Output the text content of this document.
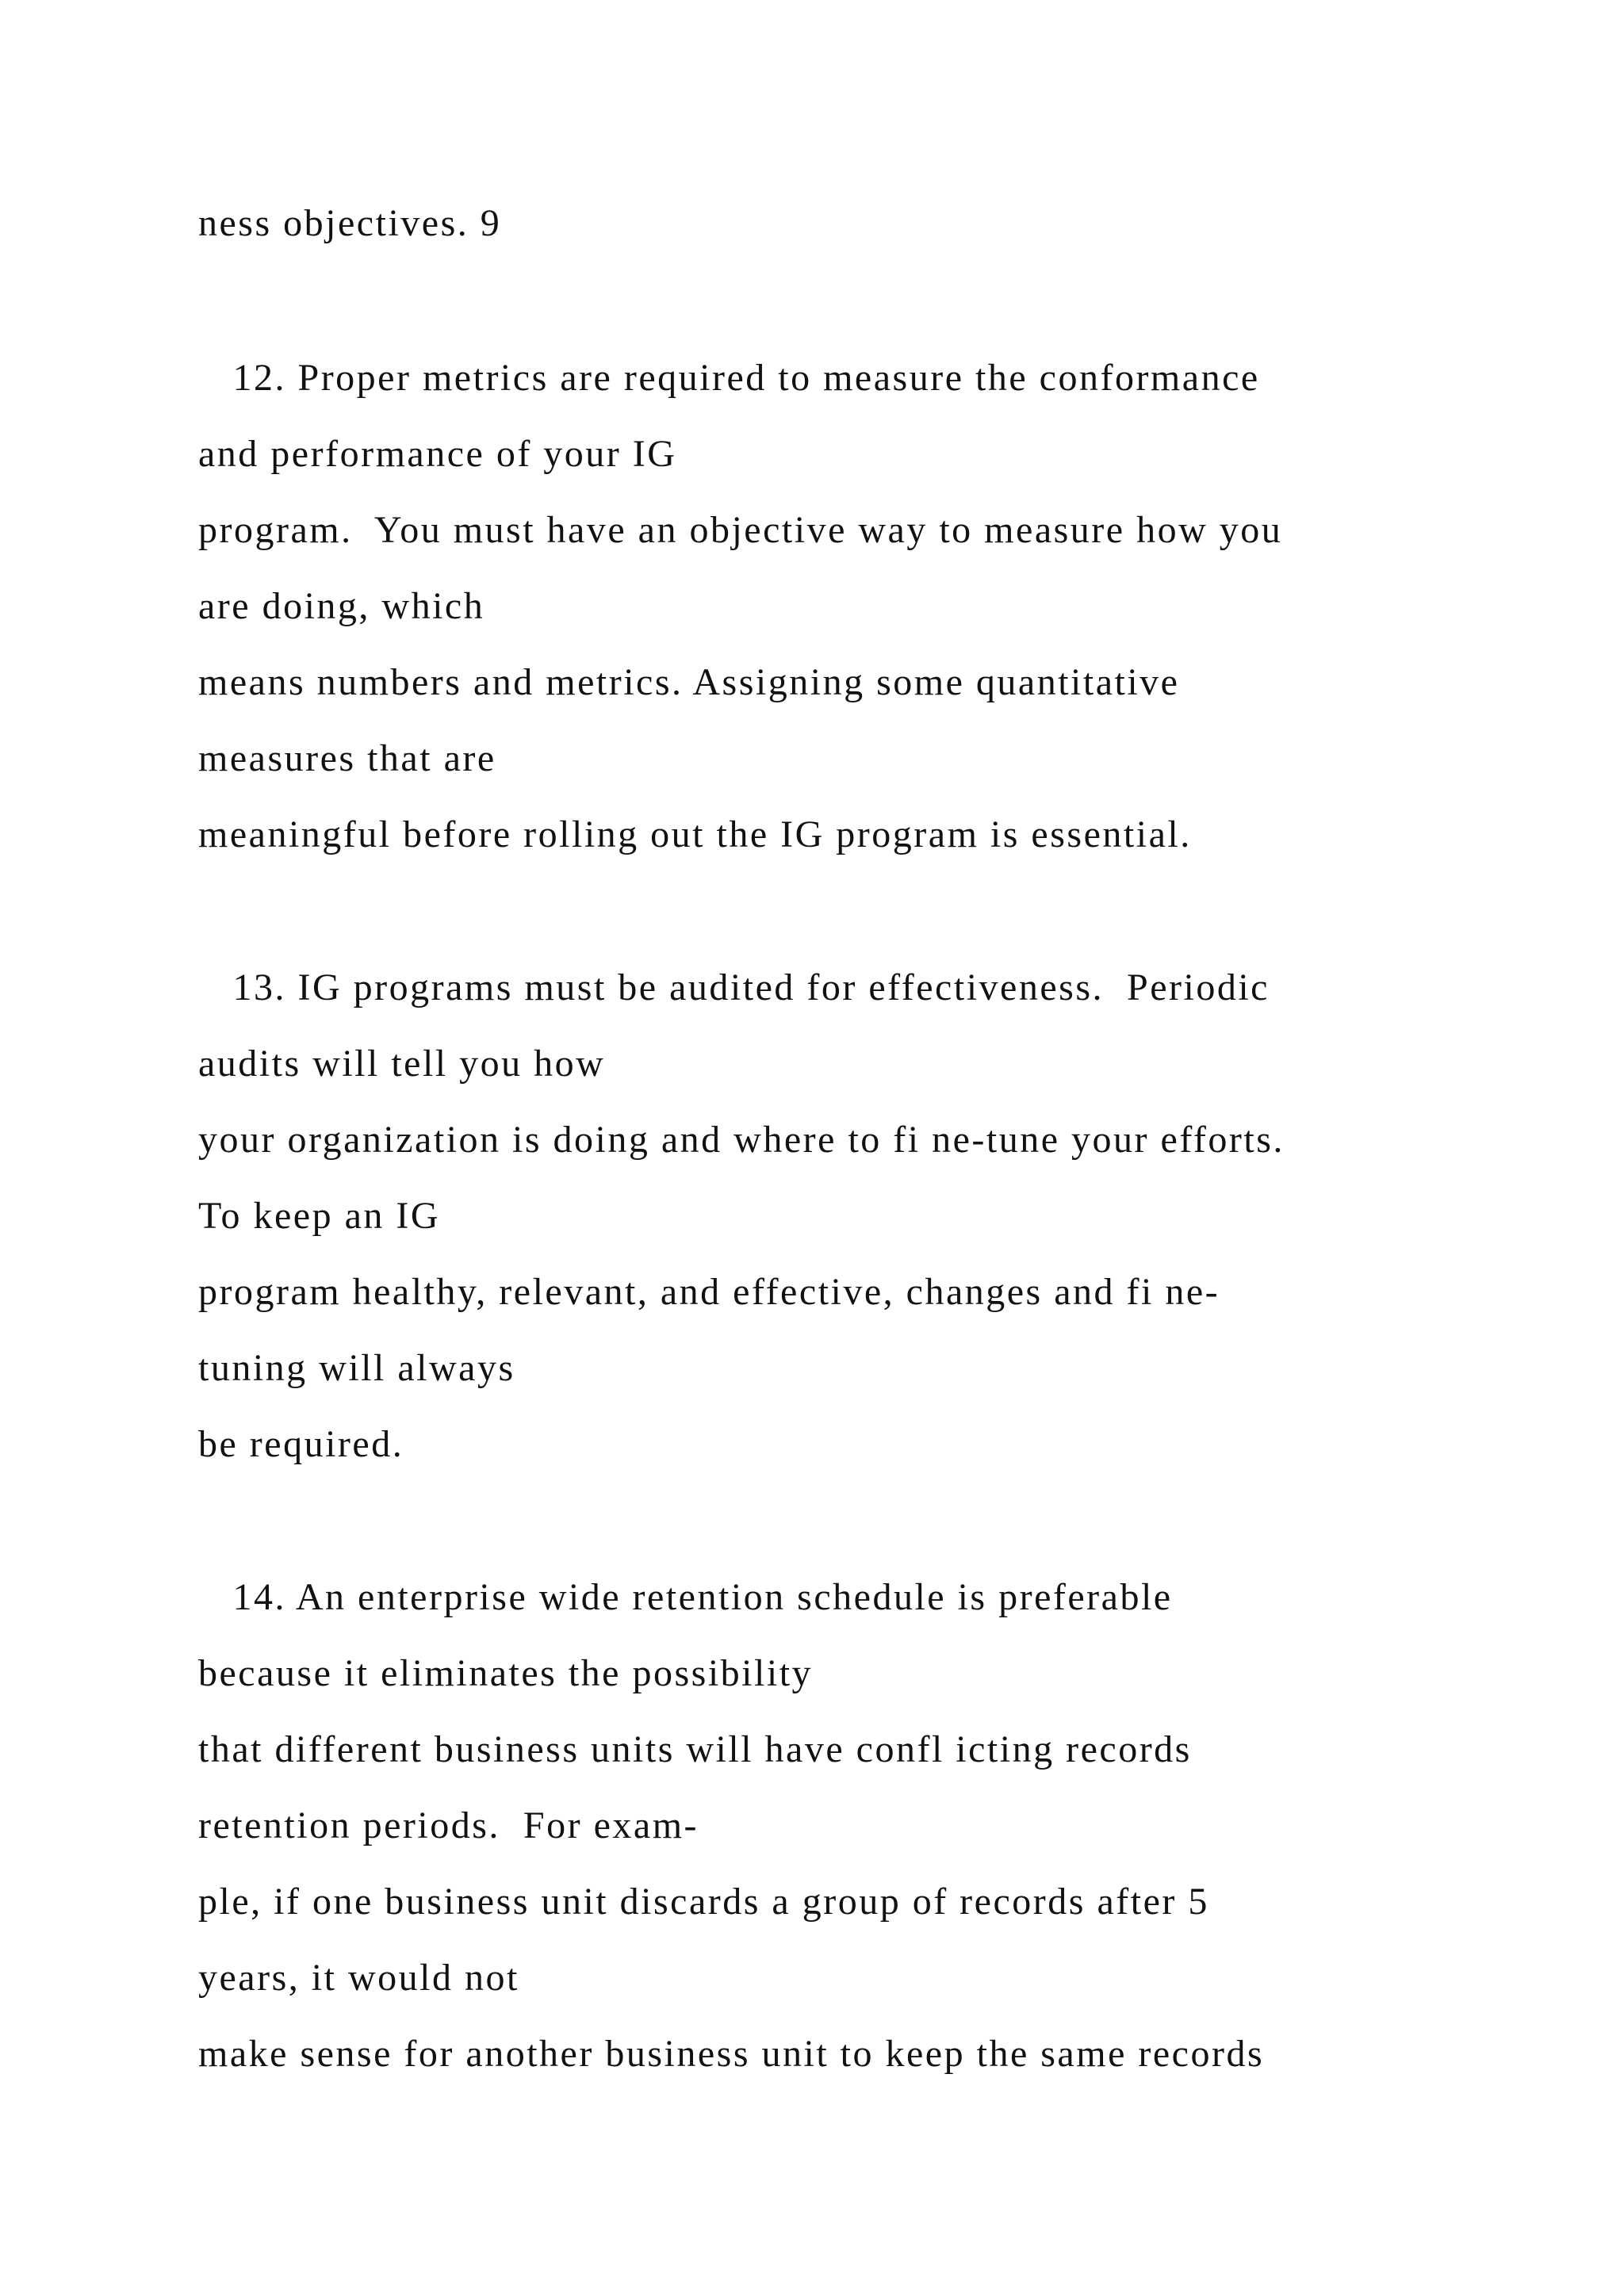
ness objectives. 9
12. Proper metrics are required to measure the conformance
and performance of your IG
program.  You must have an objective way to measure how you
are doing, which
means numbers and metrics. Assigning some quantitative
measures that are
meaningful before rolling out the IG program is essential.
13. IG programs must be audited for effectiveness.  Periodic
audits will tell you how
your organization is doing and where to fi ne-tune your efforts.
To keep an IG
program healthy, relevant, and effective, changes and fi ne-
tuning will always
be required.
14. An enterprise wide retention schedule is preferable
because it eliminates the possibility
that different business units will have confl icting records
retention periods.  For exam-
ple, if one business unit discards a group of records after 5
years, it would not
make sense for another business unit to keep the same records
